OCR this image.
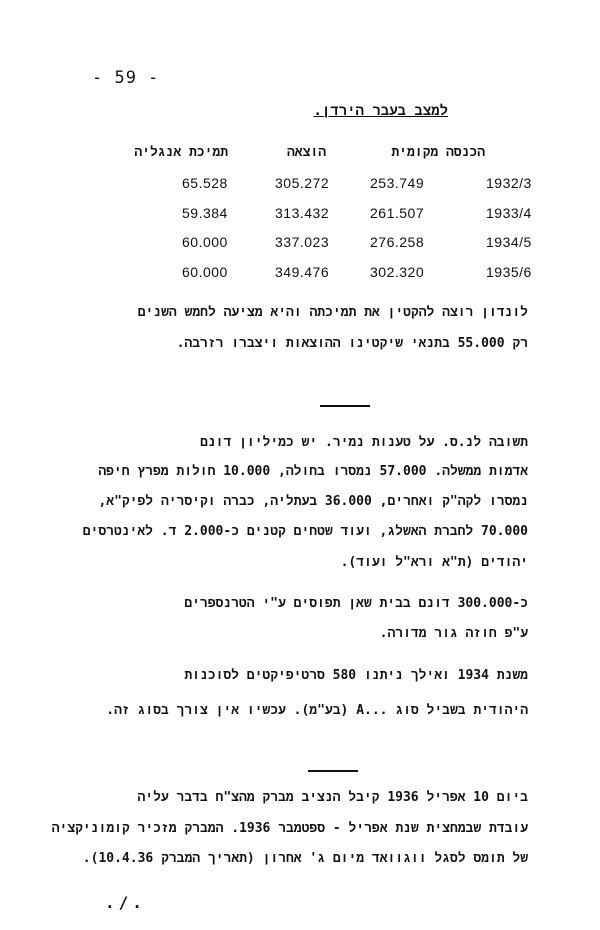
- 59 -
למצב בעבר הירדן.
הכנסה מקומית
הוצאה
תמיכת אנגליה
1932/3
253.749
305.272
65.528
1933/4
261.507
313.432
59.384
1934/5
276.258
337.023
60.000
1935/6
302.320
349.476
60.000
לונדון רוצה להקטין את תמיכתה והיא מציעה לחמש השנים
רק 55.000 בתנאי שיקטינו ההוצאות ויצברו רזרבה.
תשובה לנ.ס. על טענות נמיר. יש כמיליון דונם
אדמות ממשלה. 57.000 נמסרו בחולה, 10.000 חולות מפרץ חיפה
נמסרו לקה"ק ואחרים, 36.000 בעתליה, כברה וקיסריה לפיק"א,
70.000 לחברת האשלג, ועוד שטחים קטנים כ-2.000 ד. לאינטרסים
יהודים (ת"א ורא"ל ועוד).
כ-300.000 דונם בבית שאן תפוסים ע"י הטרנספרים
ע"פ חוזה גור מדורה.
משנת 1934 ואילך ניתנו 580 סרטיפיקטים לסוכנות
היהודית בשביל סוג ...A (בע"מ). עכשיו אין צורך בסוג זה.
ביום 10 אפריל 1936 קיבל הנציב מברק מהצ"ח בדבר עליה
עובדת שבמחצית שנת אפריל - ספטמבר 1936. המברק מזכיר קומוניקציה
של תומס לסגל ווגוואד מיום ג' אחרון (תאריך המברק 10.4.36).
./.
